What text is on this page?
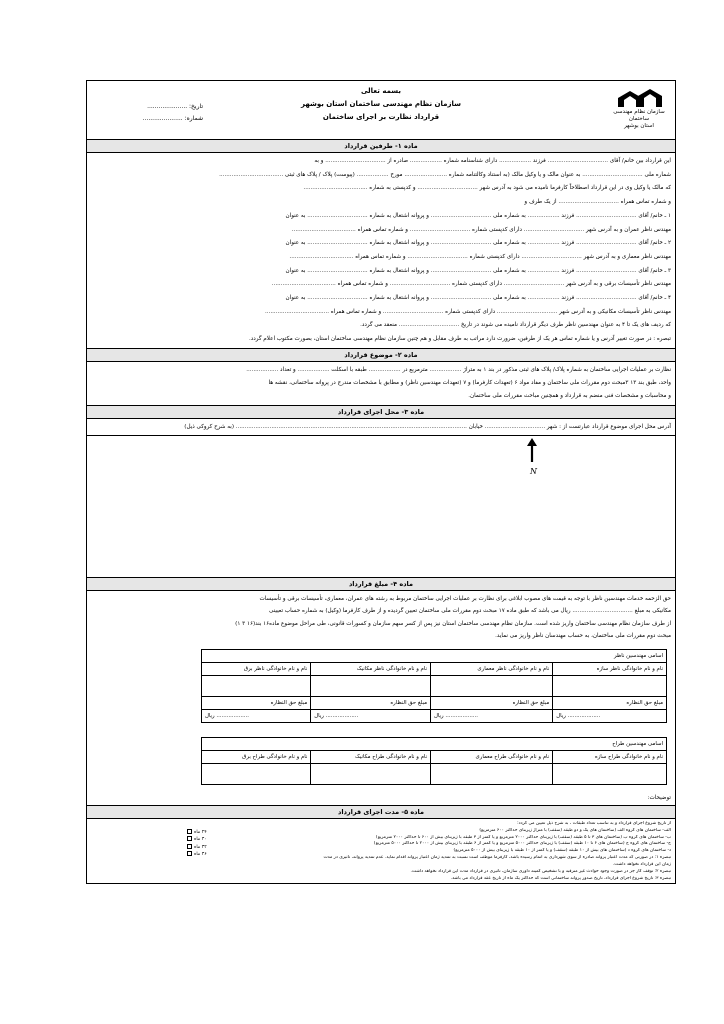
سازمان نظام مهندسی ساختمان
استان بوشهر
بسمه تعالی
سازمان نظام مهندسی ساختمان استان بوشهر
قرارداد نظارت بر اجرای ساختمان
تاریخ: .....................
شماره: .....................
ماده ۱- طرفین قرارداد

این قرارداد بین خانم/ آقای .................................. فرزند .................. دارای شناسنامه شماره .................. صادره از .................................. و به

شماره ملی .................................. به عنوان مالک و یا وکیل مالک (به استناد وکالتنامه شماره ........................ مورخ .................. (پیوست) پلاک / پلاک های ثبتی ....................................

که مالک یا وکیل وی در این قرارداد اصطلاحاً کارفرما نامیده می شود به آدرس شهر .................................. و کدپستی به شماره ....................................

و شماره تماس همراه .................................. از یک طرف و

۱ ـ خانم/ آقای .................................. فرزند .................. به شماره ملی .................................. و پروانه اشتغال به شماره .................................. به عنوان

مهندس ناظر عمران و به آدرس شهر .................................. دارای کدپستی شماره .................................. و شماره تماس همراه ....................................

۲ ـ خانم/ آقای .................................. فرزند .................. به شماره ملی .................................. و پروانه اشتغال به شماره .................................. به عنوان

مهندس ناظر معماری و به آدرس شهر .................................. دارای کدپستی شماره .................................. و شماره تماس همراه ....................................

۳ ـ خانم/ آقای .................................. فرزند .................. به شماره ملی .................................. و پروانه اشتغال به شماره .................................. به عنوان

مهندس ناظر تأسیسات برقی و به آدرس شهر .................................. دارای کدپستی شماره .................................. و شماره تماس همراه ....................................

۴ ـ خانم/ آقای .................................. فرزند .................. به شماره ملی .................................. و پروانه اشتغال به شماره .................................. به عنوان

مهندس ناظر تأسیسات مکانیکی و به آدرس شهر .................................. دارای کدپستی شماره .................................. و شماره تماس همراه ....................................

که ردیف های یک تا ۴ به عنوان مهندسین ناظر طرف دیگر قرارداد نامیده می شوند در تاریخ .................................. منعقد می گردد.

تبصره : در صورت تغییر آدرس و یا شماره تماس هر یک از طرفین، ضرورت دارد مراتب به طرف مقابل و هم چنین سازمان نظام مهندسی ساختمان استان، بصورت مکتوب اعلام گردد.

ماده ۲- موضوع قرارداد

نظارت بر عملیات اجرایی ساختمان به شماره پلاک/ پلاک های ثبتی مذکور در بند ۱ به متراژ .................. مترمربع در .................. طبقه با اسکلت .................. و تعداد ..................

واحد، طبق بند ۱۳ ۳مبحث دوم مقررات ملی ساختمان و مفاد مواد ۶ (تعهدات کارفرما) و ۷ (تعهدات مهندسین ناظر) و مطابق با مشخصات مندرج در پروانه ساختمانی، نقشه ها

و محاسبات و مشخصات فنی منضم به قرارداد و همچنین مباحث مقررات ملی ساختمان.

ماده ۳- محل اجرای قرارداد
آدرس محل اجرای موضوع قرارداد عبارتست از : شهر .................................. خیابان .................................................................................................................................. (به شرح کروکی ذیل)
ماده ۴- مبلغ قرارداد

حق الزحمه خدمات مهندسین ناظر با توجه به قیمت های مصوب ابلاغی برای نظارت بر عملیات اجرایی ساختمان مربوط به رشته های عمران، معماری، تأسیسات برقی و تأسیسات

مکانیکی به مبلغ .................................. ریال می باشد که طبق ماده ۱۷ مبحث دوم مقررات ملی ساختمان تعیین گردیده و از طرف کارفرما (وکیل) به شماره حساب تعیینی

از طرف سازمان نظام مهندسی ساختمان واریز شده است. سازمان نظام مهندسی ساختمان استان نیز پس از کسر سهم سازمان و کسورات قانونی، طی مراحل موضوع ماده۱۶ بند(۱۶ ۳ ۱)

مبحث دوم مقررات ملی ساختمان، به حساب مهندسان ناظر واریز می نماید.

اسامی مهندسین ناظر			
نام و نام خانوادگی ناظر سازه	نام و نام خانوادگی ناظر معماری	نام و نام خانوادگی ناظر مکانیک	نام و نام خانوادگی ناظر برق

مبلغ حق النظاره	مبلغ حق النظاره	مبلغ حق النظاره	مبلغ حق النظاره
................... ریال	................... ریال	................... ریال	................... ریال
اسامی مهندسین طراح			
نام و نام خانوادگی طراح سازه	نام و نام خانوادگی طراح معماری	نام و نام خانوادگی طراح مکانیک	نام و نام خانوادگی طراح برق

توضیحات:
ماده ۵- مدت اجرای قرارداد

از تاریخ شروع اجرای قرارداد و به تناسب تعداد طبقات ، به شرح ذیل تعیین می گردد:

الف- ساختمان های گروه الف (ساختمان های یک و دو طبقه (سقف) با متراژ زیربنای حداکثر ۶۰۰ مترمربع)

ب- ساختمان های گروه ب (ساختمان های ۳ تا ۵ طبقه (سقف) با زیربنای حداکثر ۲۰۰۰ مترمربع و یا کمتر از ۳ طبقه با زیربنای بیش از ۶۰۰ تا حداکثر ۲۰۰۰ مترمربع)

ج- ساختمان های گروه ج (ساختمان های ۶ تا ۱۰ طبقه (سقف) با زیربنای حداکثر ۵۰۰۰ مترمربع و یا کمتر از ۶ طبقه با زیربنای بیش از ۲۰۰۰ تا حداکثر ۵۰۰۰ مترمربع)

د- ساختمان های گروه د (ساختمان های بیش از ۱۰ طبقه (سقف) و یا کمتر از ۱۰ طبقه با زیربنای بیش از ۵۰۰۰ مترمربع)

تبصره ۱: در صورتی که مدت اعتبار پروانه صادره از سوی شهرداری به اتمام رسیده باشد، کارفرما موظف است نسبت به تمدید زمان اعتبار پروانه اقدام نماید. عدم تمدید پروانه، تأثیری در مدت

زمان این قرارداد نخواهد داشت.

تبصره ۲: توقف کار جز در صورت وجود حوادث غیر مترقبه و با تشخیص کمیته داوری سازمان، تأثیری در قرارداد مدت این قرارداد نخواهد داشت.

تبصره ۳: تاریخ شروع اجرای قرارداد، تاریخ صدور پروانه ساختمانی است که حداکثر یک ماه از تاریخ عقد قرارداد می باشد.

۲۴ ماه
۳۰ ماه
۳۲ ماه
۳۶ ماه
N
